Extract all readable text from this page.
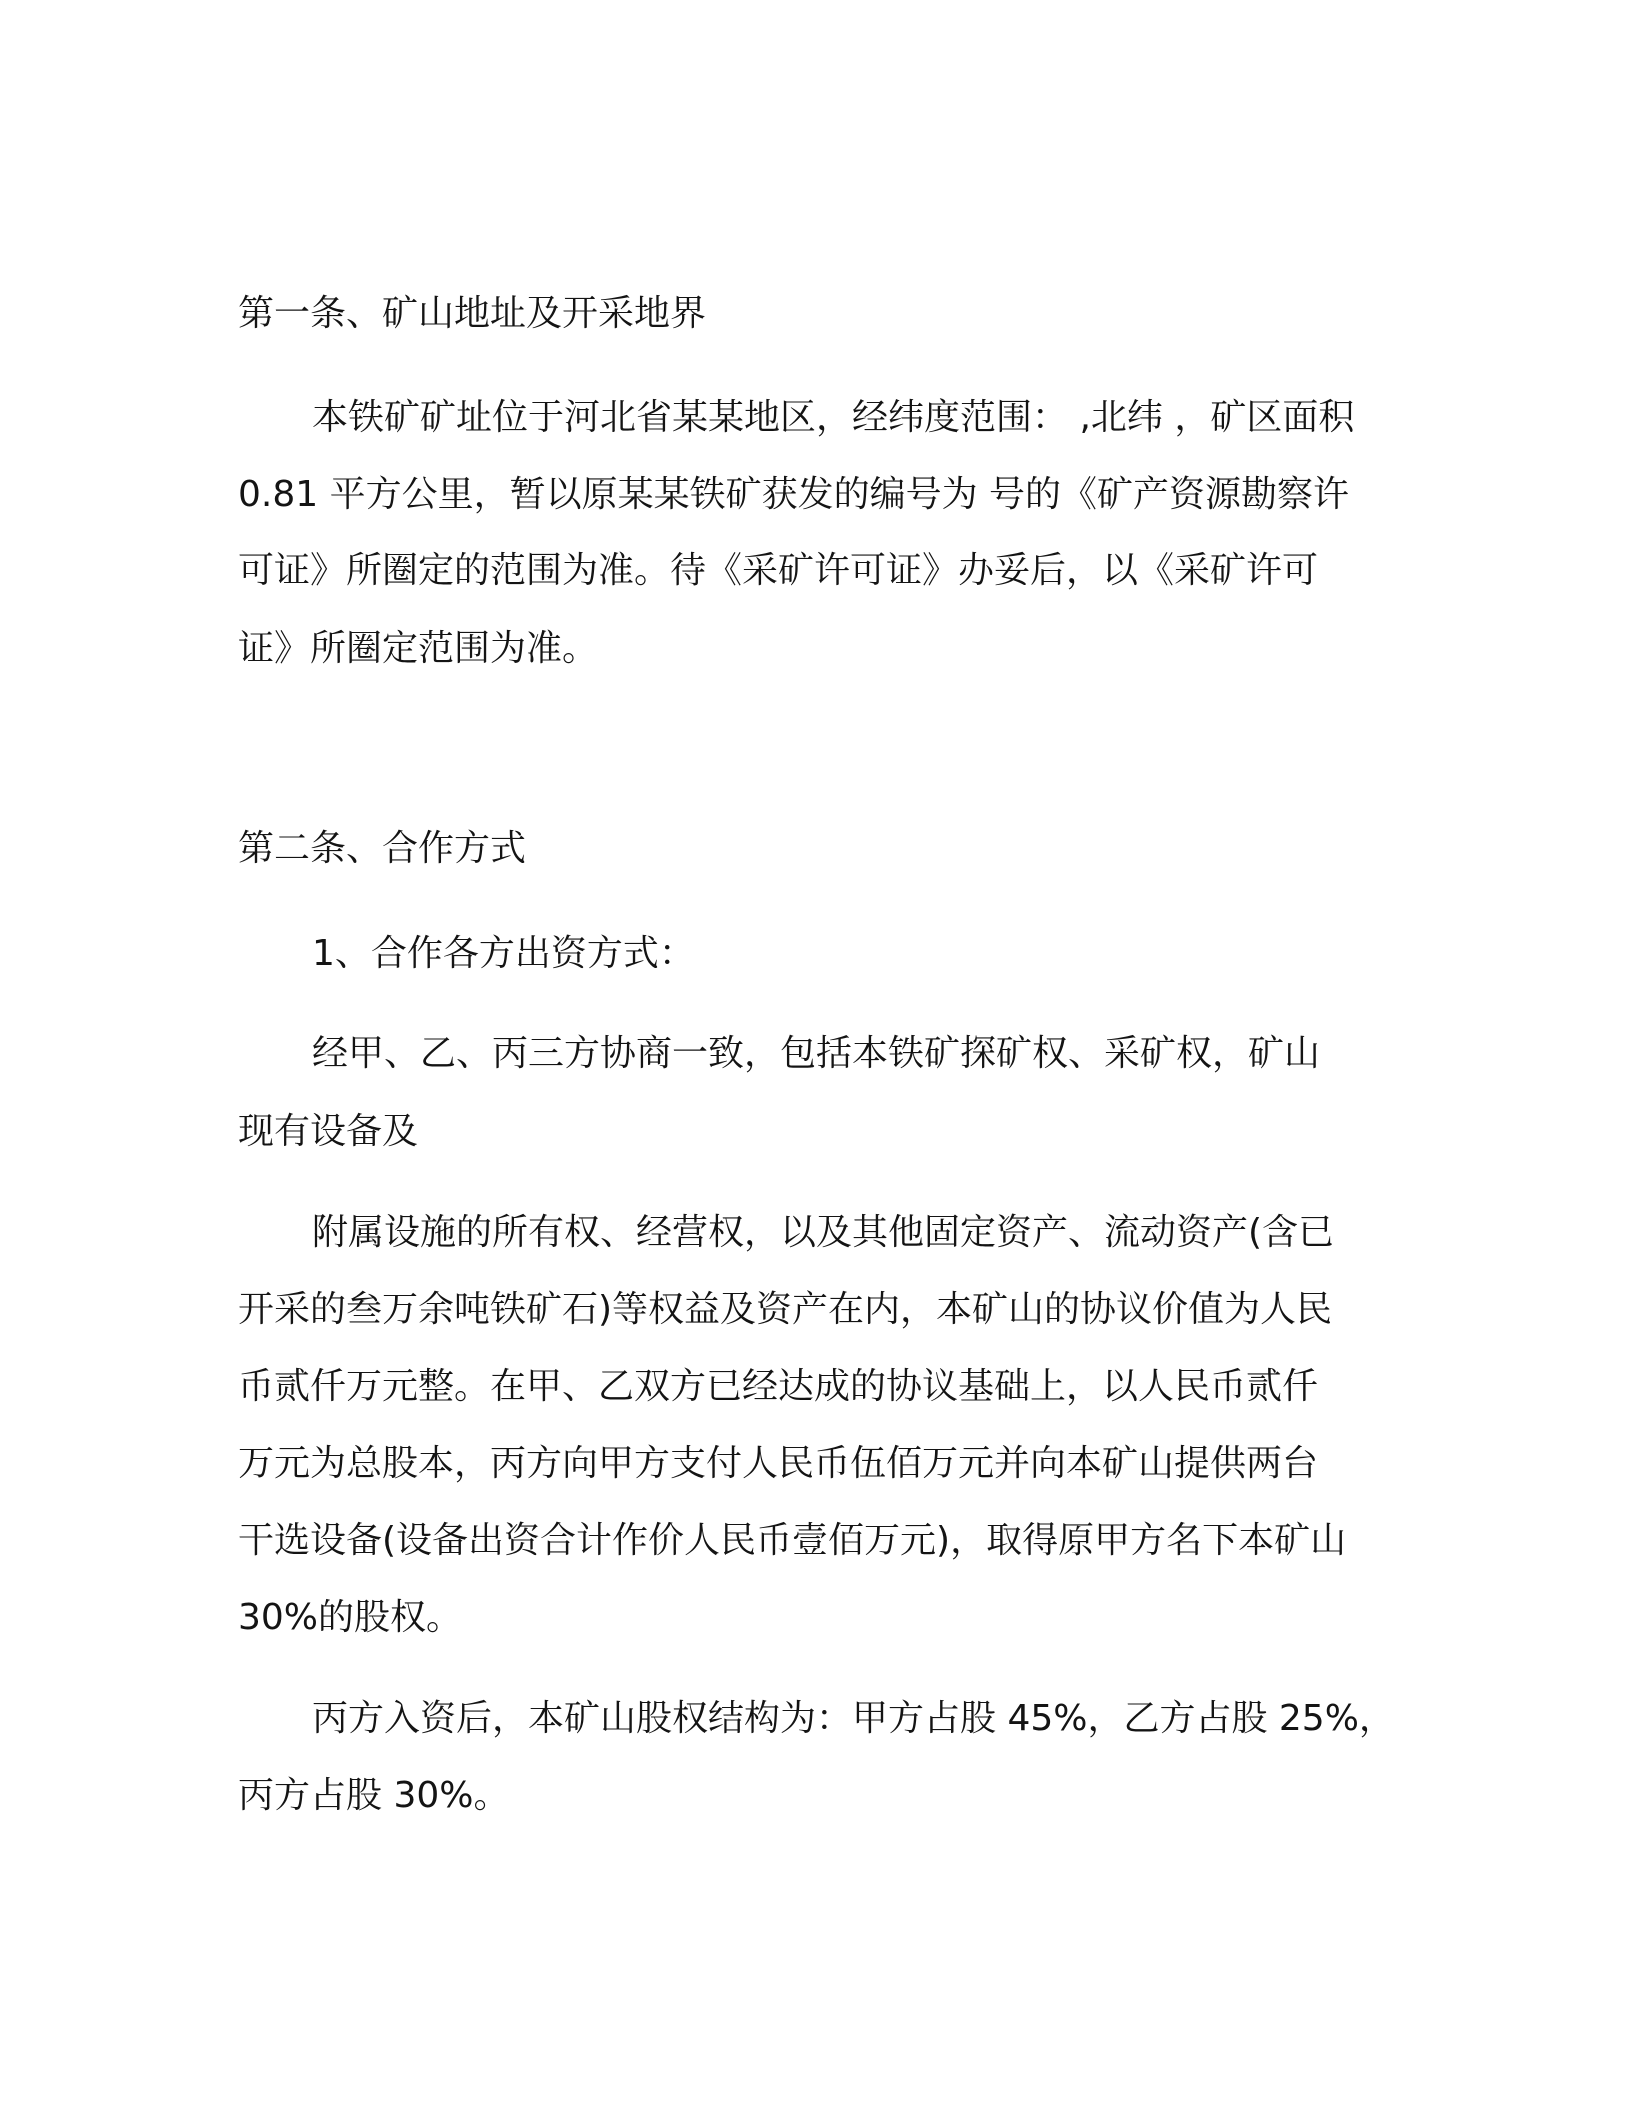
第一条、矿山地址及开采地界

本铁矿矿址位于河北省某某地区，经纬度范围： ,北纬 ，矿区面积

0.81 平方公里，暂以原某某铁矿获发的编号为 号的《矿产资源勘察许

可证》所圈定的范围为准。待《采矿许可证》办妥后，以《采矿许可

证》所圈定范围为准。

第二条、合作方式

1、合作各方出资方式：

经甲、乙、丙三方协商一致，包括本铁矿探矿权、采矿权，矿山

现有设备及

附属设施的所有权、经营权，以及其他固定资产、流动资产(含已

开采的叁万余吨铁矿石)等权益及资产在内，本矿山的协议价值为人民

币贰仟万元整。在甲、乙双方已经达成的协议基础上，以人民币贰仟

万元为总股本，丙方向甲方支付人民币伍佰万元并向本矿山提供两台

干选设备(设备出资合计作价人民币壹佰万元)，取得原甲方名下本矿山

30%的股权。

丙方入资后，本矿山股权结构为：甲方占股 45%，乙方占股 25%，

丙方占股 30%。
